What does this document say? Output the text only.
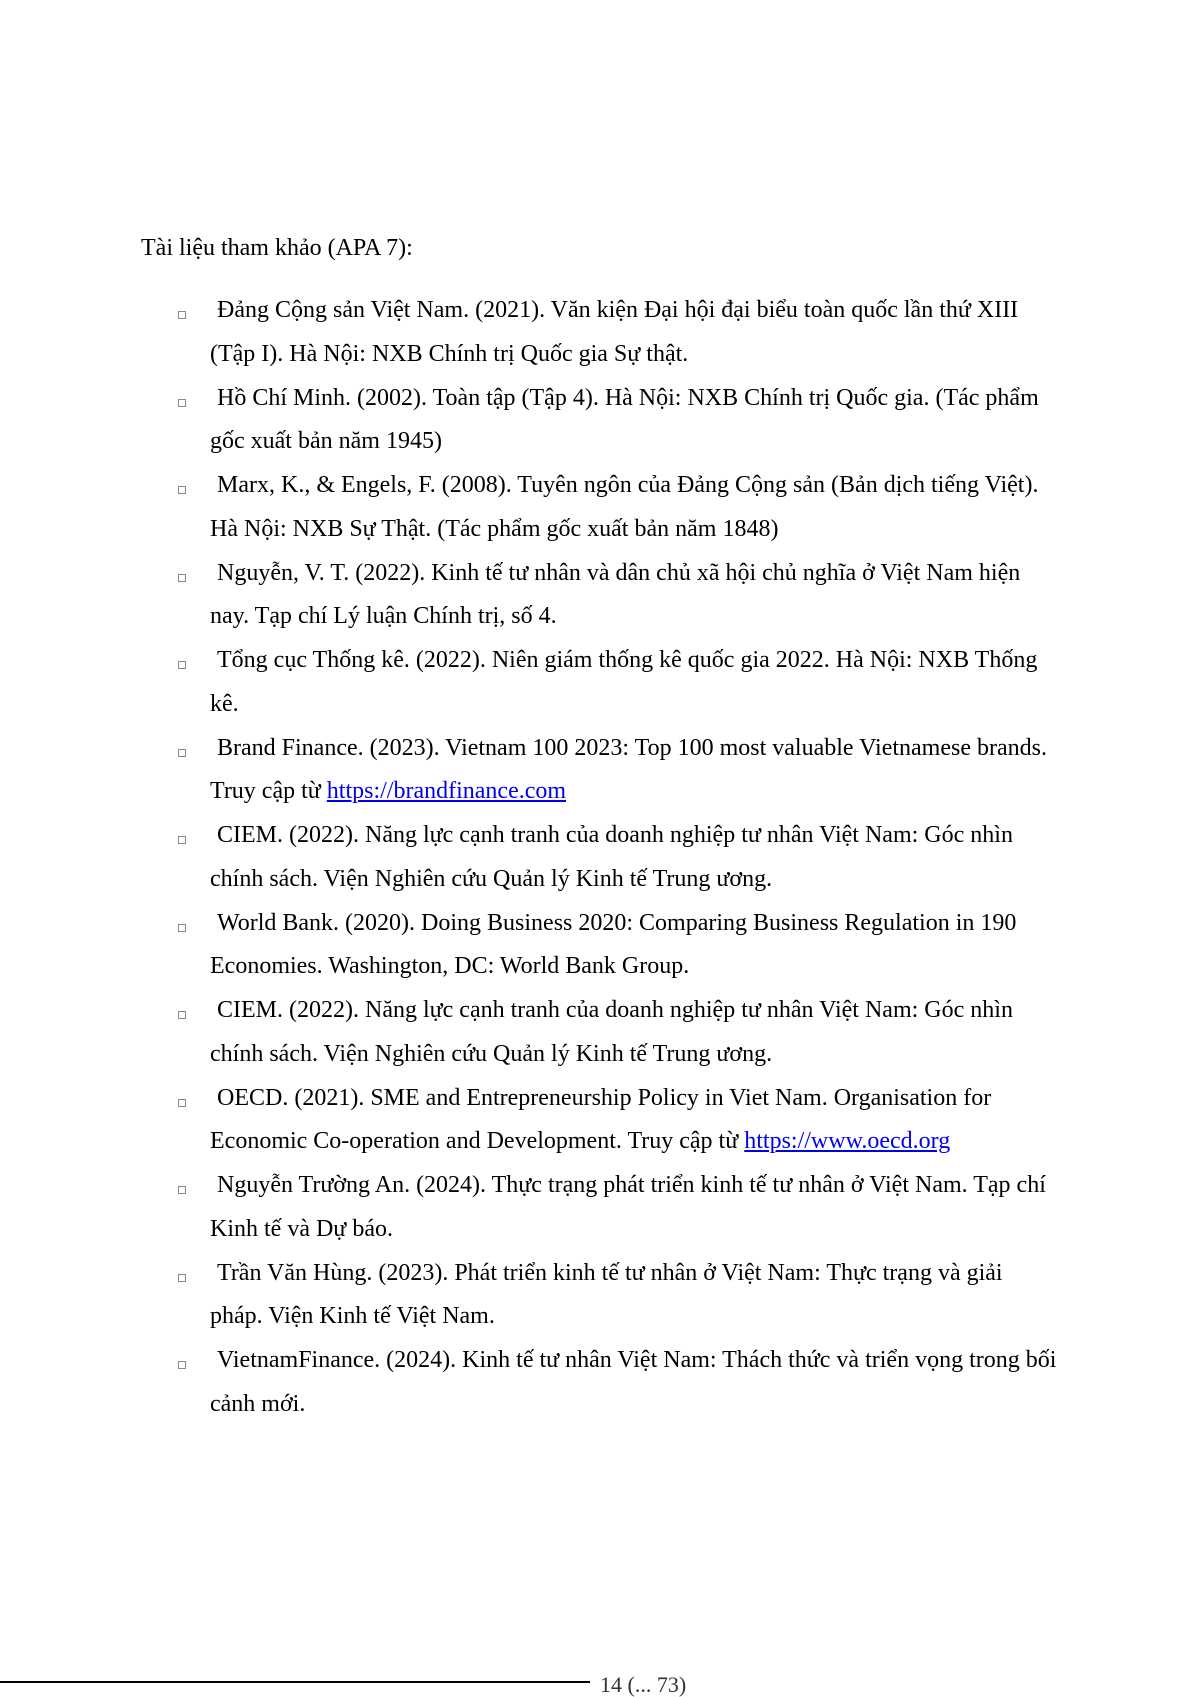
Tài liệu tham khảo (APA 7):
Đảng Cộng sản Việt Nam. (2021). Văn kiện Đại hội đại biểu toàn quốc lần thứ XIII (Tập I). Hà Nội: NXB Chính trị Quốc gia Sự thật.
Hồ Chí Minh. (2002). Toàn tập (Tập 4). Hà Nội: NXB Chính trị Quốc gia. (Tác phẩm gốc xuất bản năm 1945)
Marx, K., & Engels, F. (2008). Tuyên ngôn của Đảng Cộng sản (Bản dịch tiếng Việt). Hà Nội: NXB Sự Thật. (Tác phẩm gốc xuất bản năm 1848)
Nguyễn, V. T. (2022). Kinh tế tư nhân và dân chủ xã hội chủ nghĩa ở Việt Nam hiện nay. Tạp chí Lý luận Chính trị, số 4.
Tổng cục Thống kê. (2022). Niên giám thống kê quốc gia 2022. Hà Nội: NXB Thống kê.
Brand Finance. (2023). Vietnam 100 2023: Top 100 most valuable Vietnamese brands. Truy cập từ https://brandfinance.com
CIEM. (2022). Năng lực cạnh tranh của doanh nghiệp tư nhân Việt Nam: Góc nhìn chính sách. Viện Nghiên cứu Quản lý Kinh tế Trung ương.
World Bank. (2020). Doing Business 2020: Comparing Business Regulation in 190 Economies. Washington, DC: World Bank Group.
CIEM. (2022). Năng lực cạnh tranh của doanh nghiệp tư nhân Việt Nam: Góc nhìn chính sách. Viện Nghiên cứu Quản lý Kinh tế Trung ương.
OECD. (2021). SME and Entrepreneurship Policy in Viet Nam. Organisation for Economic Co-operation and Development. Truy cập từ https://www.oecd.org
Nguyễn Trường An. (2024). Thực trạng phát triển kinh tế tư nhân ở Việt Nam. Tạp chí Kinh tế và Dự báo.
Trần Văn Hùng. (2023). Phát triển kinh tế tư nhân ở Việt Nam: Thực trạng và giải pháp. Viện Kinh tế Việt Nam.
VietnamFinance. (2024). Kinh tế tư nhân Việt Nam: Thách thức và triển vọng trong bối cảnh mới.
14 (... 73)
